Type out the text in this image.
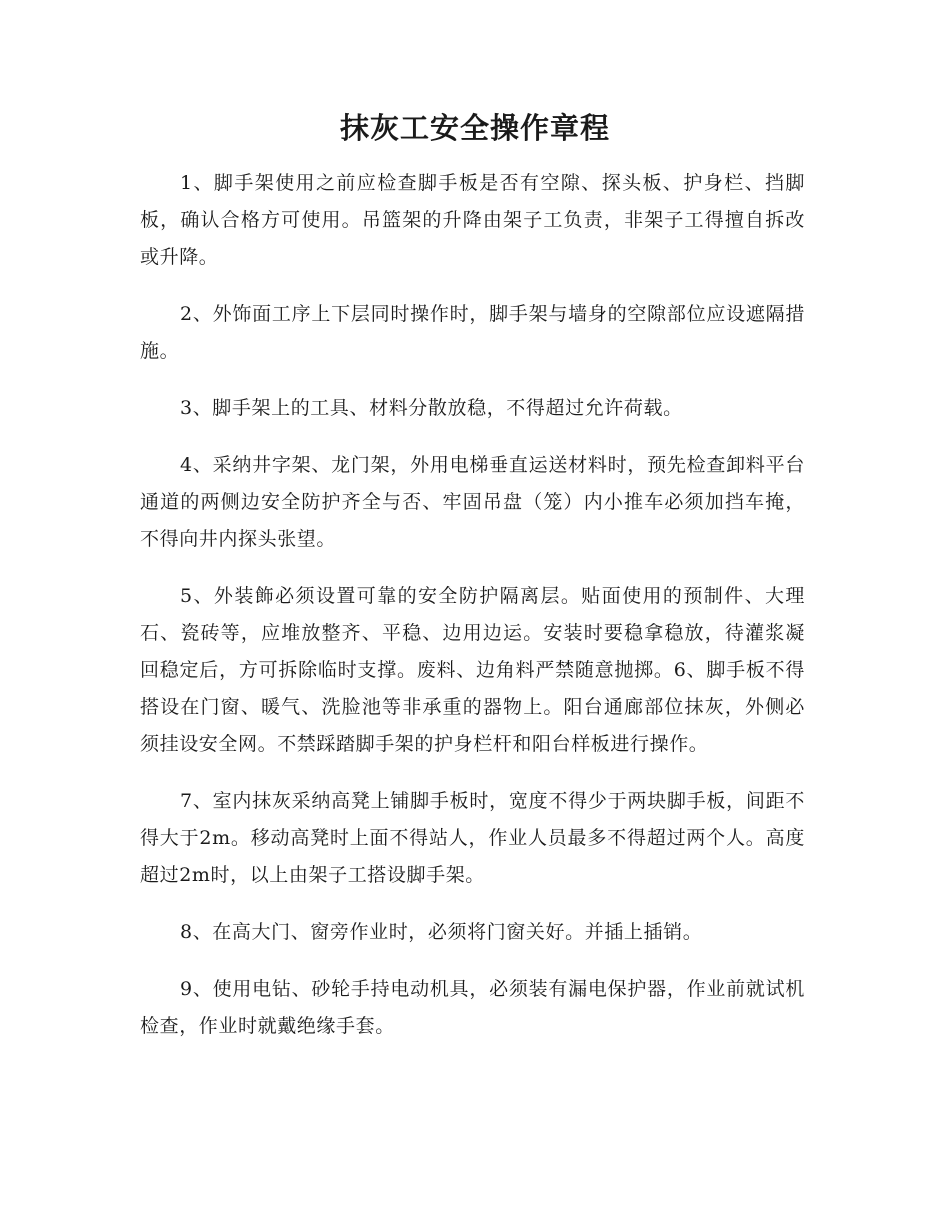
抹灰工安全操作章程

1、脚手架使用之前应检查脚手板是否有空隙、探头板、护身栏、挡脚板，确认合格方可使用。吊篮架的升降由架子工负责，非架子工得擅自拆改或升降。

2、外饰面工序上下层同时操作时，脚手架与墙身的空隙部位应设遮隔措施。

3、脚手架上的工具、材料分散放稳，不得超过允许荷载。

4、采纳井字架、龙门架，外用电梯垂直运送材料时，预先检查卸料平台通道的两侧边安全防护齐全与否、牢固吊盘（笼）内小推车必须加挡车掩，不得向井内探头张望。

5、外装飾必须设置可靠的安全防护隔离层。贴面使用的预制件、大理石、瓷砖等，应堆放整齐、平稳、边用边运。安装时要稳拿稳放，待灌浆凝回稳定后，方可拆除临时支撑。废料、边角料严禁随意抛掷。6、脚手板不得搭设在门窗、暖气、洗脸池等非承重的器物上。阳台通廊部位抹灰，外侧必须挂设安全网。不禁踩踏脚手架的护身栏杆和阳台样板进行操作。

7、室内抹灰采纳高凳上铺脚手板时，宽度不得少于两块脚手板，间距不得大于2m。移动高凳时上面不得站人，作业人员最多不得超过两个人。高度超过2m时，以上由架子工搭设脚手架。

8、在高大门、窗旁作业时，必须将门窗关好。并插上插销。

9、使用电钻、砂轮手持电动机具，必须装有漏电保护器，作业前就试机检查，作业时就戴绝缘手套。
